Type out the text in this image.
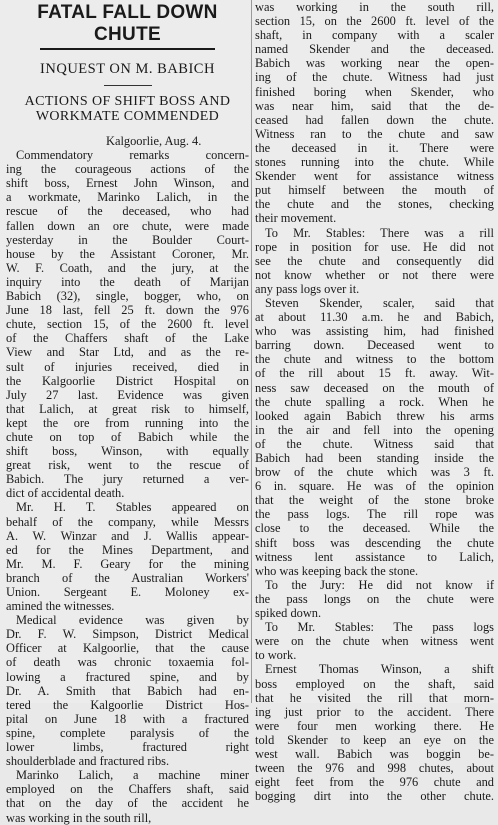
FATAL FALL DOWN CHUTE
INQUEST ON M. BABICH
ACTIONS OF SHIFT BOSS AND
WORKMATE COMMENDED
Kalgoorlie, Aug. 4.
Commendatory remarks concern-
ing the courageous actions of the
shift boss, Ernest John Winson, and
a workmate, Marinko Lalich, in the
rescue of the deceased, who had
fallen down an ore chute, were made
yesterday in the Boulder Court-
house by the Assistant Coroner, Mr.
W. F. Coath, and the jury, at the
inquiry into the death of Marijan
Babich (32), single, bogger, who, on
June 18 last, fell 25 ft. down the 976
chute, section 15, of the 2600 ft. level
of the Chaffers shaft of the Lake
View and Star Ltd, and as the re-
sult of injuries received, died in
the Kalgoorlie District Hospital on
July 27 last. Evidence was given
that Lalich, at great risk to himself,
kept the ore from running into the
chute on top of Babich while the
shift boss, Winson, with equally
great risk, went to the rescue of
Babich. The jury returned a ver-
dict of accidental death.
Mr. H. T. Stables appeared on
behalf of the company, while Messrs
A. W. Winzar and J. Wallis appear-
ed for the Mines Department, and
Mr. M. F. Geary for the mining
branch of the Australian Workers'
Union. Sergeant E. Moloney ex-
amined the witnesses.
Medical evidence was given by
Dr. F. W. Simpson, District Medical
Officer at Kalgoorlie, that the cause
of death was chronic toxaemia fol-
lowing a fractured spine, and by
Dr. A. Smith that Babich had en-
tered the Kalgoorlie District Hos-
pital on June 18 with a fractured
spine, complete paralysis of the
lower limbs, fractured right
shoulderblade and fractured ribs.
Marinko Lalich, a machine miner
employed on the Chaffers shaft, said
that on the day of the accident he
was working in the south rill,
was working in the south rill,
section 15, on the 2600 ft. level of the
shaft, in company with a scaler
named Skender and the deceased.
Babich was working near the open-
ing of the chute. Witness had just
finished boring when Skender, who
was near him, said that the de-
ceased had fallen down the chute.
Witness ran to the chute and saw
the deceased in it. There were
stones running into the chute. While
Skender went for assistance witness
put himself between the mouth of
the chute and the stones, checking
their movement.
To Mr. Stables: There was a rill
rope in position for use. He did not
see the chute and consequently did
not know whether or not there were
any pass logs over it.
Steven Skender, scaler, said that
at about 11.30 a.m. he and Babich,
who was assisting him, had finished
barring down. Deceased went to
the chute and witness to the bottom
of the rill about 15 ft. away. Wit-
ness saw deceased on the mouth of
the chute spalling a rock. When he
looked again Babich threw his arms
in the air and fell into the opening
of the chute. Witness said that
Babich had been standing inside the
brow of the chute which was 3 ft.
6 in. square. He was of the opinion
that the weight of the stone broke
the pass logs. The rill rope was
close to the deceased. While the
shift boss was descending the chute
witness lent assistance to Lalich,
who was keeping back the stone.
To the Jury: He did not know if
the pass longs on the chute were
spiked down.
To Mr. Stables: The pass logs
were on the chute when witness went
to work.
Ernest Thomas Winson, a shift
boss employed on the shaft, said
that he visited the rill that morn-
ing just prior to the accident. There
were four men working there. He
told Skender to keep an eye on the
west wall. Babich was boggin be-
tween the 976 and 998 chutes, about
eight feet from the 976 chute and
bogging dirt into the other chute.
